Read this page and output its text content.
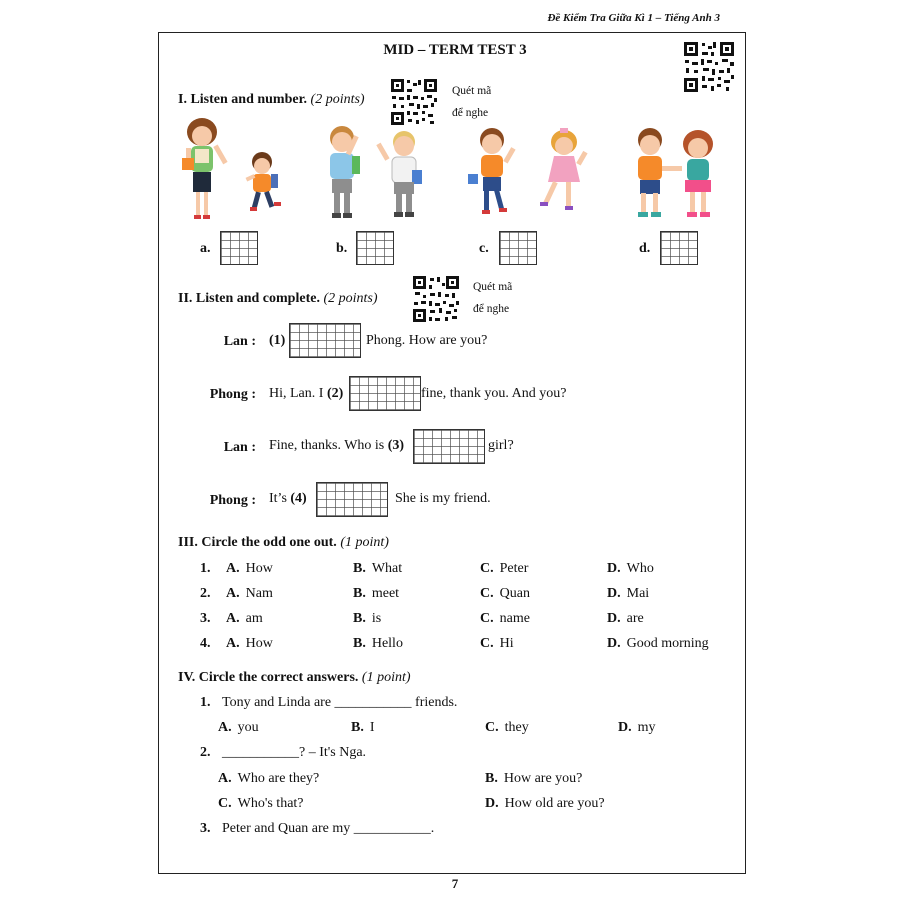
Đề Kiểm Tra Giữa Kì 1 – Tiếng Anh 3
MID – TERM TEST 3
I. Listen and number. (2 points)
Quét mã
để nghe
a.	b.	c.	d.
II. Listen and complete. (2 points)
Quét mã
để nghe
Lan : (1)	Phong. How are you?
Phong : Hi, Lan. I (2)	fine, thank you. And you?
Lan : Fine, thanks. Who is (3)	girl?
Phong : It’s (4)	She is my friend.
III. Circle the odd one out. (1 point)
1. A. How	B. What	C. Peter	D. Who
2. A. Nam	B. meet	C. Quan	D. Mai
3. A. am	B. is	C. name	D. are
4. A. How	B. Hello	C. Hi	D. Good morning
IV. Circle the correct answers. (1 point)
1. Tony and Linda are ___________ friends.
A. you	B. I	C. they	D. my
2. ___________? – It's Nga.
A. Who are they?	B. How are you?
C. Who's that?	D. How old are you?
3. Peter and Quan are my ___________.
7
